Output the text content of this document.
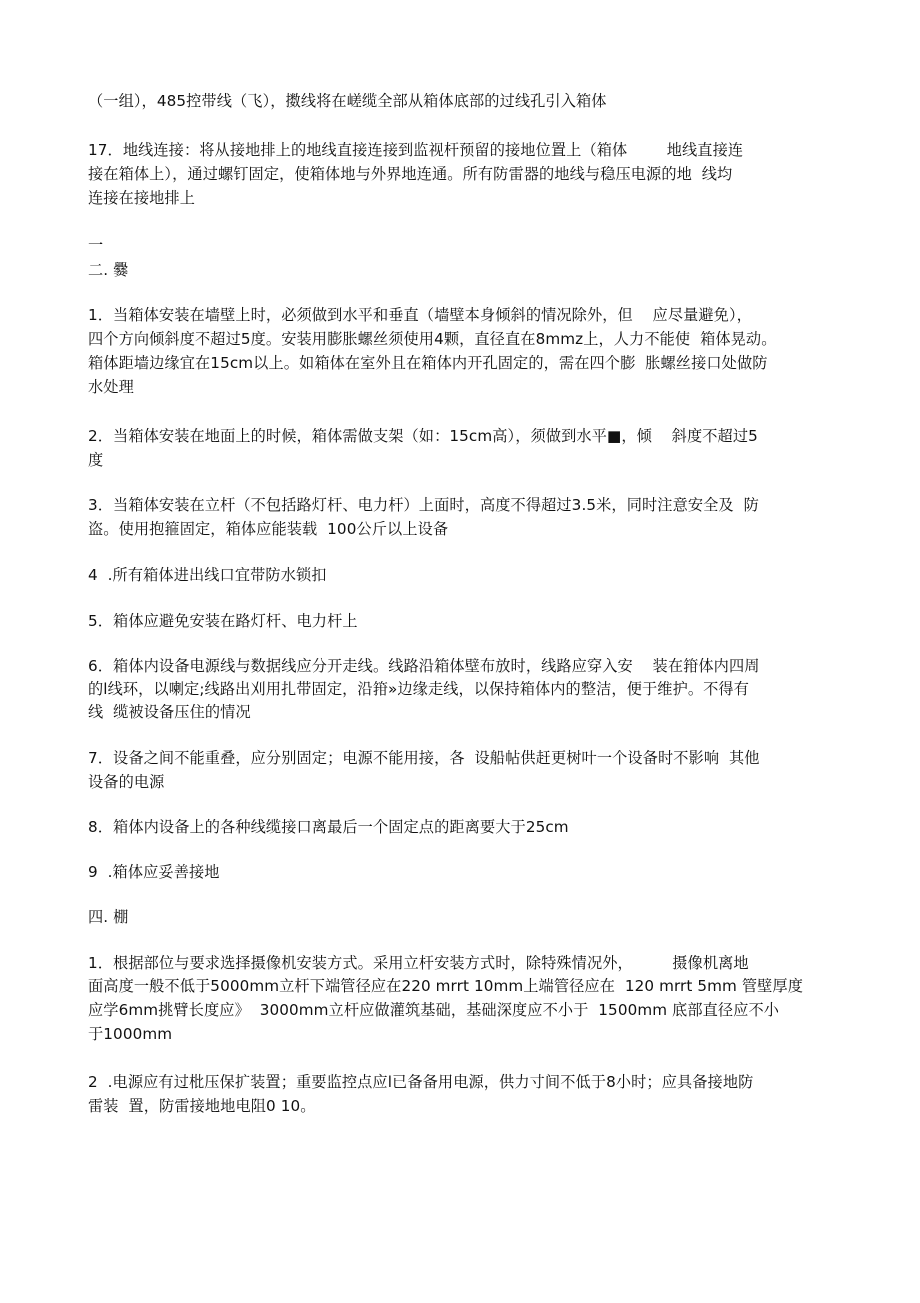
（一组），485控带线（飞），擞线将在嵯缆全部从箱体底部的过线孔引入箱体
17．地线连接：将从接地排上的地线直接连接到监视杆预留的接地位置上（箱体        地线直接连
接在箱体上），通过螺钉固定，使箱体地与外界地连通。所有防雷器的地线与稳压电源的地  线均
连接在接地排上
一
二. 爨
1．当箱体安装在墙壁上时，必须做到水平和垂直（墙壁本身倾斜的情况除外，但    应尽量避免），
四个方向倾斜度不超过5度。安装用膨胀螺丝须使用4颗，直径直在8mmz上，人力不能使  箱体晃动。
箱体距墙边缘宜在15cm以上。如箱体在室外且在箱体内开孔固定的，需在四个膨  胀螺丝接口处做防
水处理
2．当箱体安装在地面上的时候，箱体需做支架（如：15cm高），须做到水平■，倾    斜度不超过5
度
3．当箱体安装在立杆（不包括路灯杆、电力杆）上面时，高度不得超过3.5米，同时注意安全及  防
盗。使用抱箍固定，箱体应能装载  100公斤以上设备
4  .所有箱体进出线口宜带防水锁扣
5．箱体应避免安装在路灯杆、电力杆上
6．箱体内设备电源线与数据线应分开走线。线路沿箱体壁布放时，线路应穿入安    装在箝体内四周
的l线环，以喇定;线路出刈用扎带固定，沿箝»边缘走线，以保持箱体内的整洁，便于维护。不得有
线  缆被设备压住的情况
7．设备之间不能重叠，应分别固定；电源不能用接，各  设船帖供赶更树叶一个设备时不影响  其他
设备的电源
8．箱体内设备上的各种线缆接口离最后一个固定点的距离要大于25cm
9  .箱体应妥善接地
四. 棚
1．根据部位与要求选择摄像机安装方式。采用立杆安装方式时，除特殊情况外，        摄像机离地
面高度一般不低于5000mm立杆下端管径应在220 mrrt 10mm上端管径应在  120 mrrt 5mm 管壁厚度
应学6mm挑臂长度应》  3000mm立杆应做灌筑基础，基础深度应不小于  1500mm 底部直径应不小
于1000mm
2  .电源应有过枇压保扩装置；重要监控点应l已备备用电源，供力寸间不低于8小时；应具备接地防
雷装  置，防雷接地地电阻0 10。
